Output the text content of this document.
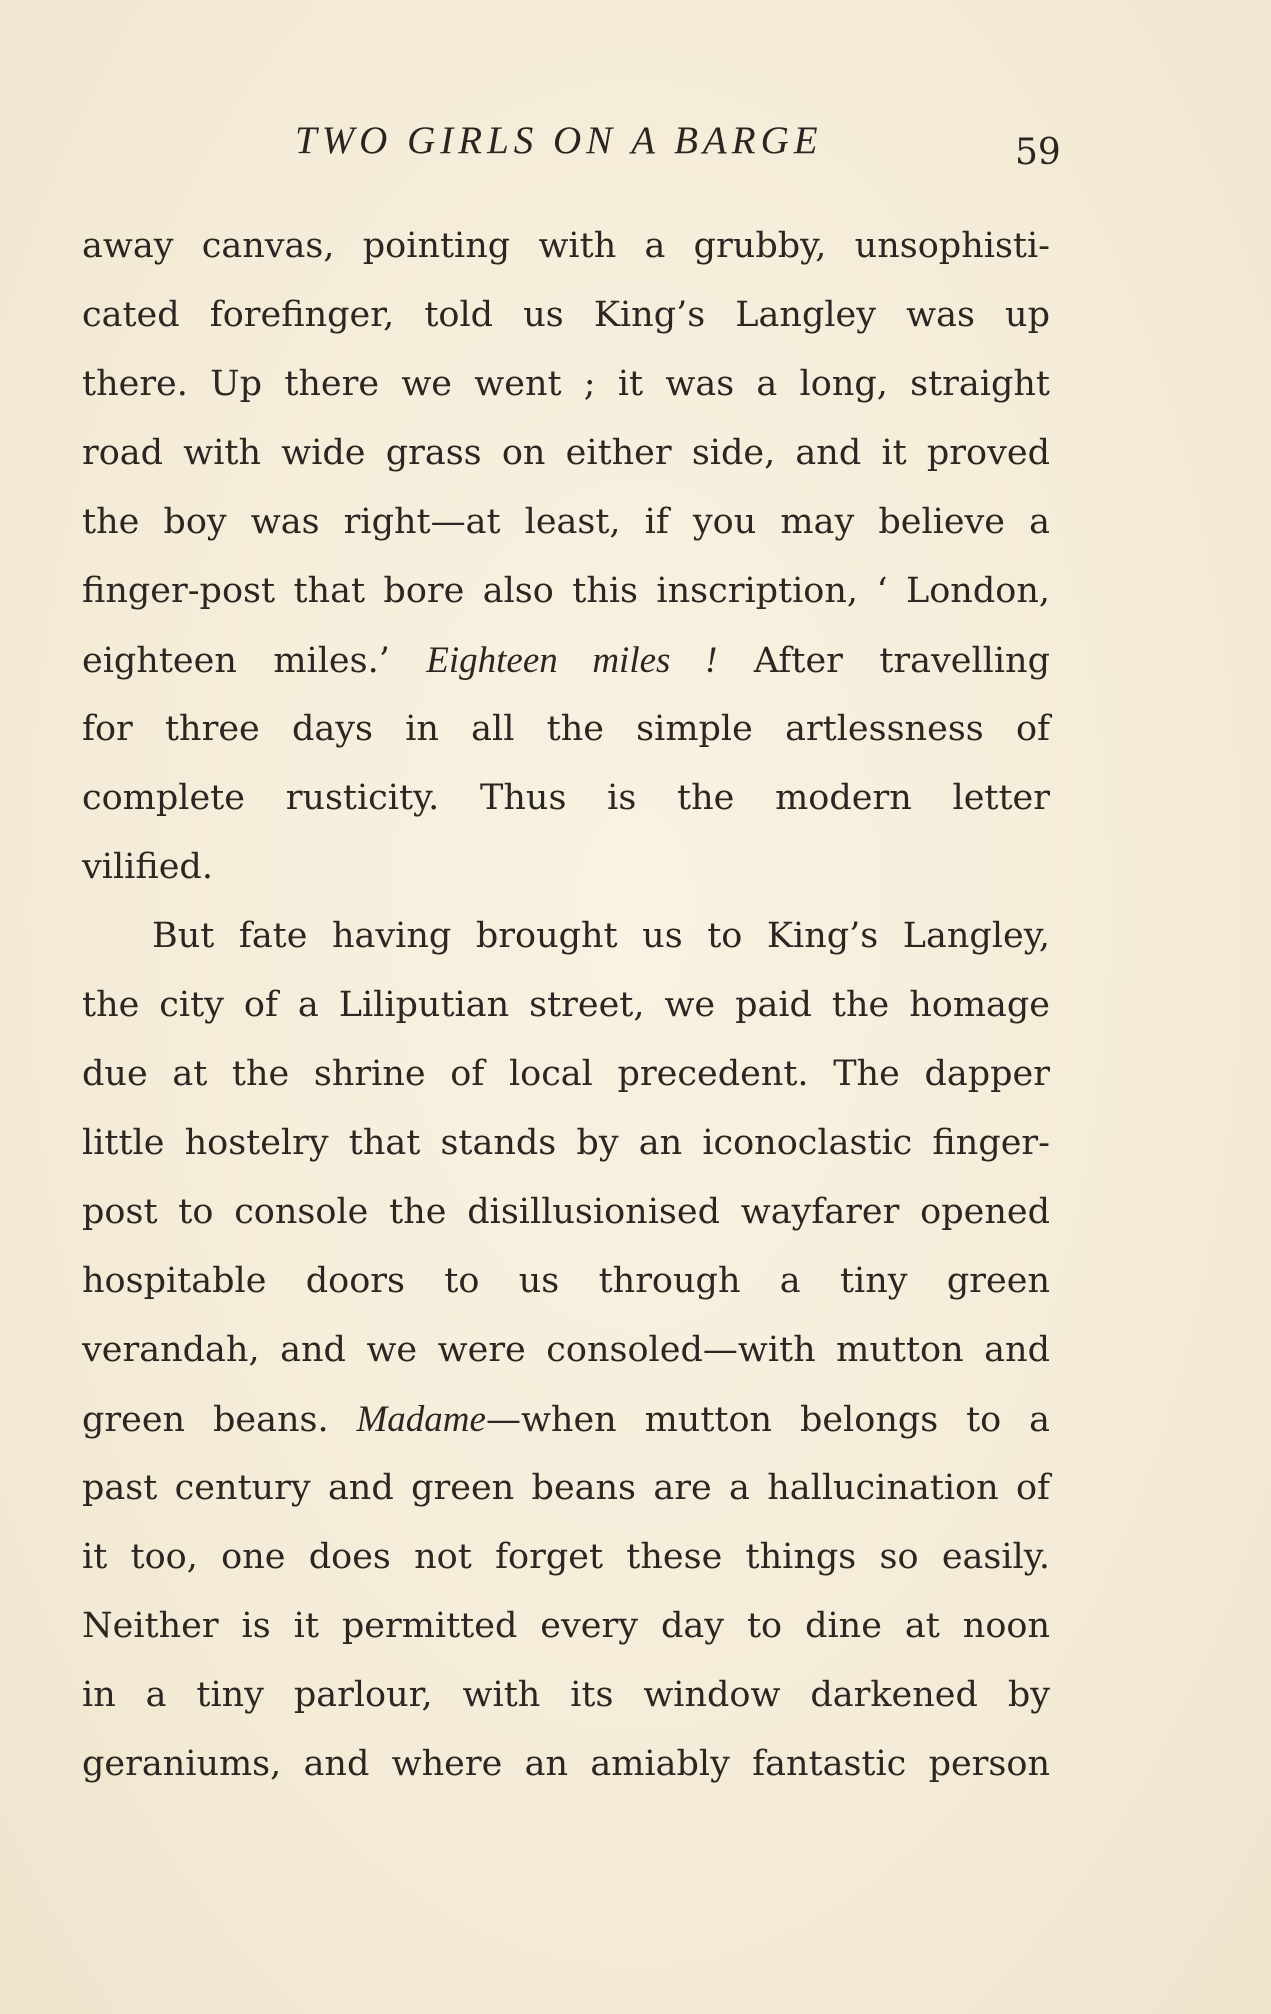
TWO GIRLS ON A BARGE	59
away canvas, pointing with a grubby, unsophisti-
cated forefinger, told us King’s Langley was up
there. Up there we went ; it was a long, straight
road with wide grass on either side, and it proved
the boy was right—at least, if you may believe a
finger-post that bore also this inscription, ‘ London,
eighteen miles.’ Eighteen miles ! After travelling
for three days in all the simple artlessness of
complete rusticity. Thus is the modern letter
vilified.
But fate having brought us to King’s Langley,
the city of a Liliputian street, we paid the homage
due at the shrine of local precedent. The dapper
little hostelry that stands by an iconoclastic finger-
post to console the disillusionised wayfarer opened
hospitable doors to us through a tiny green
verandah, and we were consoled—with mutton and
green beans. Madame—when mutton belongs to a
past century and green beans are a hallucination of
it too, one does not forget these things so easily.
Neither is it permitted every day to dine at noon
in a tiny parlour, with its window darkened by
geraniums, and where an amiably fantastic person
